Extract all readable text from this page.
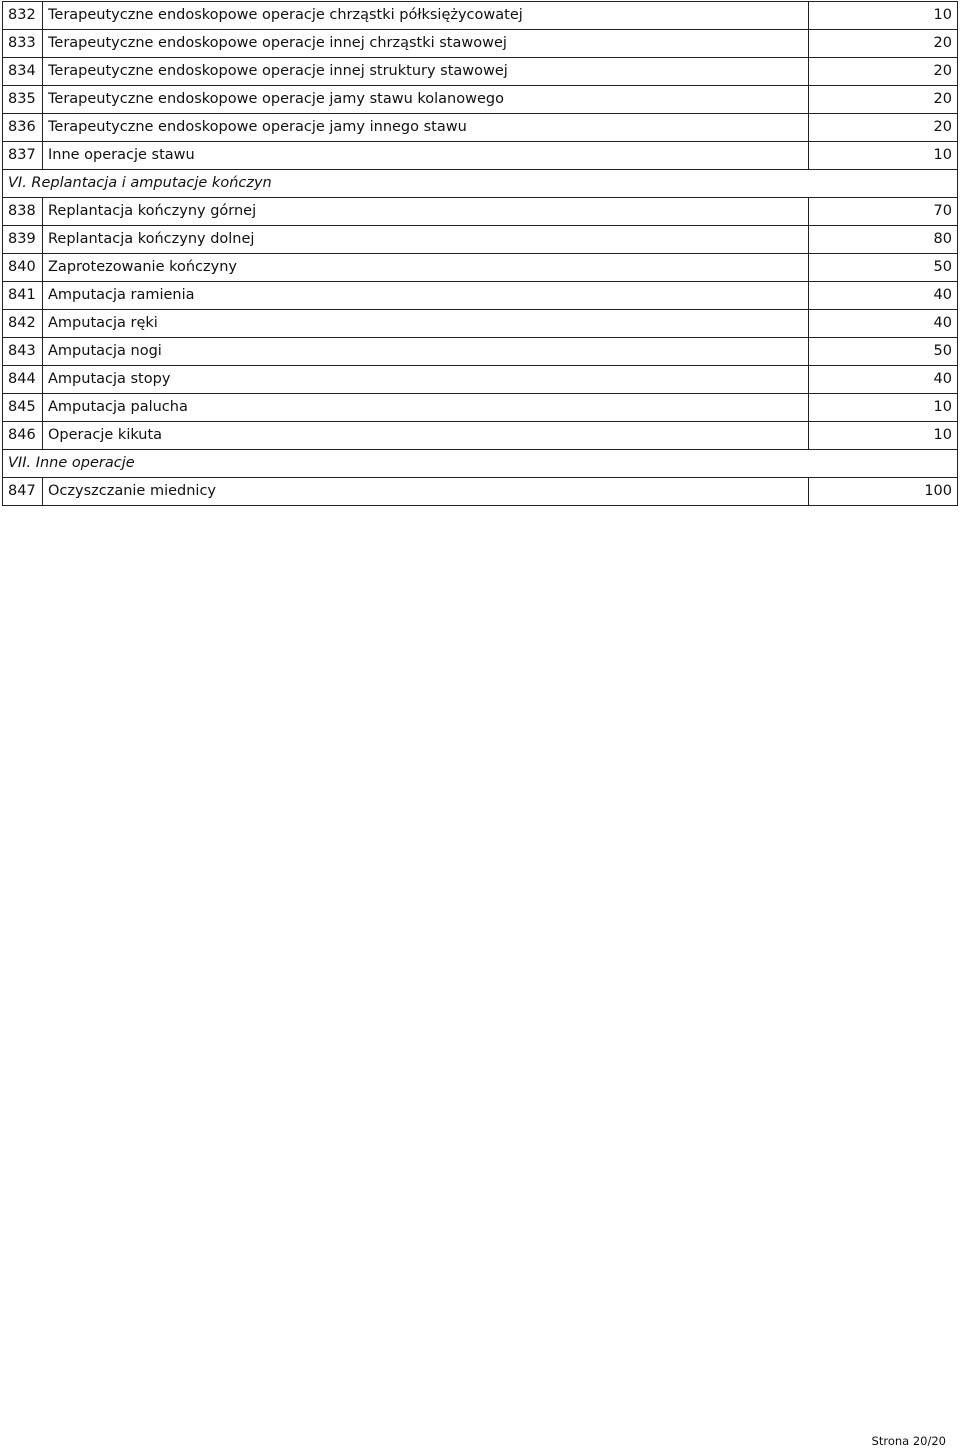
832	Terapeutyczne endoskopowe operacje chrząstki półksiężycowatej	10
833	Terapeutyczne endoskopowe operacje innej chrząstki stawowej	20
834	Terapeutyczne endoskopowe operacje innej struktury stawowej	20
835	Terapeutyczne endoskopowe operacje jamy stawu kolanowego	20
836	Terapeutyczne endoskopowe operacje jamy innego stawu	20
837	Inne operacje stawu	10
VI. Replantacja i amputacje kończyn		
838	Replantacja kończyny górnej	70
839	Replantacja kończyny dolnej	80
840	Zaprotezowanie kończyny	50
841	Amputacja ramienia	40
842	Amputacja ręki	40
843	Amputacja nogi	50
844	Amputacja stopy	40
845	Amputacja palucha	10
846	Operacje kikuta	10
VII. Inne operacje		
847	Oczyszczanie miednicy	100
Strona 20/20
